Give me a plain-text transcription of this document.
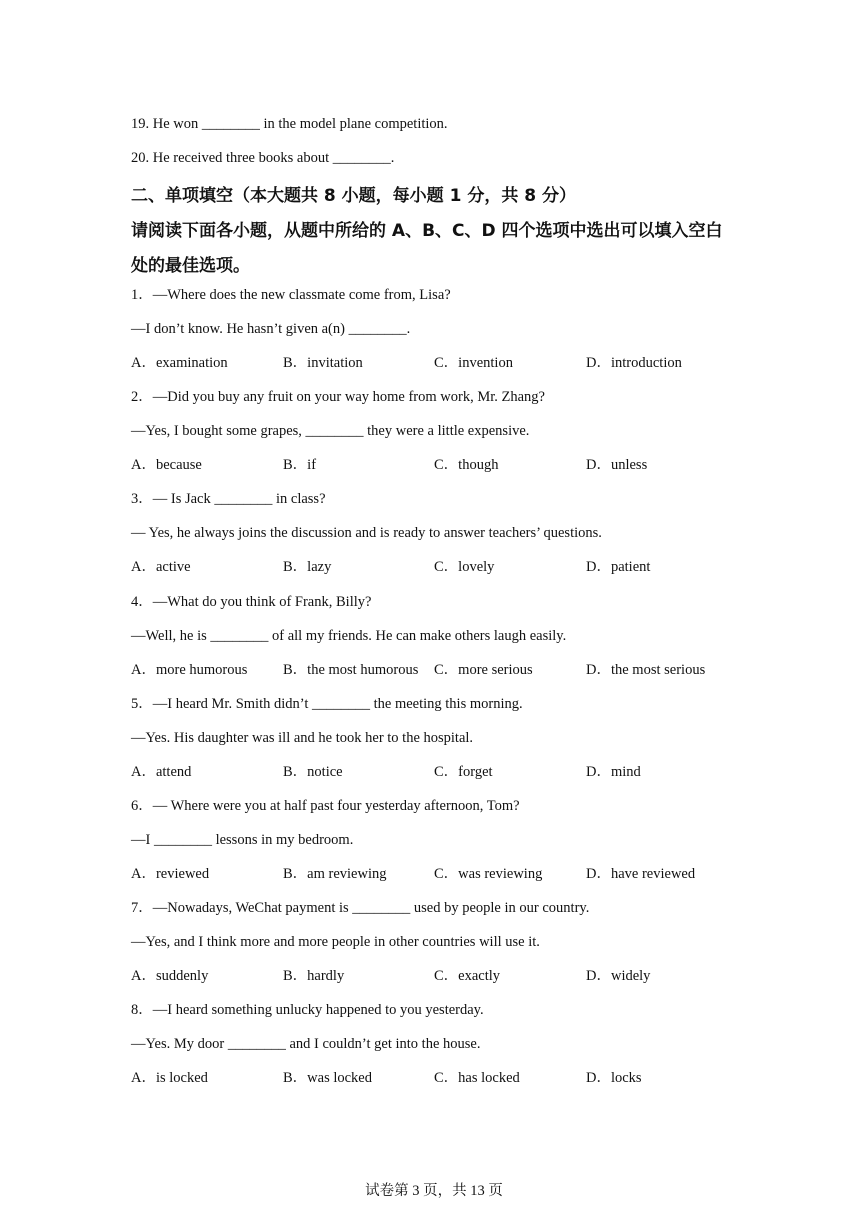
19. He won ________ in the model plane competition.
20. He received three books about ________.
二、单项填空（本大题共 8 小题，每小题 1 分，共 8 分）
请阅读下面各小题，从题中所给的 A、B、C、D 四个选项中选出可以填入空白
处的最佳选项。
1．—Where does the new classmate come from, Lisa?
—I don’t know. He hasn’t given a(n) ________.
A．examination	B．invitation	C．invention	D．introduction
2．—Did you buy any fruit on your way home from work, Mr. Zhang?
—Yes, I bought some grapes, ________ they were a little expensive.
A．because	B．if	C．though	D．unless
3．— Is Jack ________ in class?
— Yes, he always joins the discussion and is ready to answer teachers’ questions.
A．active	B．lazy	C．lovely	D．patient
4．—What do you think of Frank, Billy?
—Well, he is ________ of all my friends. He can make others laugh easily.
A．more humorous B．the most humorous C．more serious	D．the most serious
5．—I heard Mr. Smith didn’t ________ the meeting this morning.
—Yes. His daughter was ill and he took her to the hospital.
A．attend	B．notice	C．forget	D．mind
6．— Where were you at half past four yesterday afternoon, Tom?
—I ________ lessons in my bedroom.
A．reviewed	B．am reviewing	C．was reviewing	D．have reviewed
7．—Nowadays, WeChat payment is ________ used by people in our country.
—Yes, and I think more and more people in other countries will use it.
A．suddenly	B．hardly	C．exactly	D．widely
8．—I heard something unlucky happened to you yesterday.
—Yes. My door ________ and I couldn’t get into the house.
A．is locked	B．was locked	C．has locked	D．locks
试卷第 3 页，共 13 页
